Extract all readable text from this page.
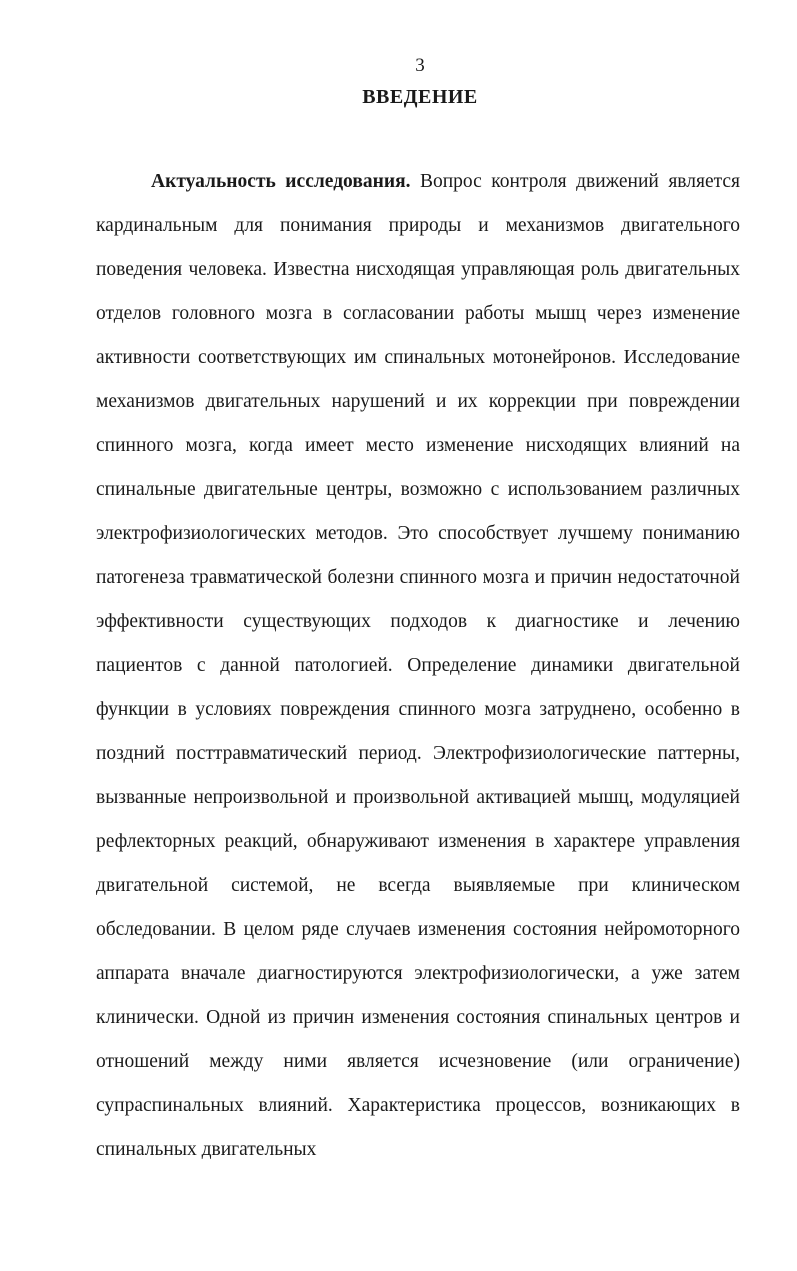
3
ВВЕДЕНИЕ

Актуальность исследования. Вопрос контроля движений является кардинальным для понимания природы и механизмов двигательного поведения человека. Известна нисходящая управляющая роль двигательных отделов головного мозга в согласовании работы мышц через изменение активности соответствующих им спинальных мотонейронов. Исследование механизмов двигательных нарушений и их коррекции при повреждении спинного мозга, когда имеет место изменение нисходящих влияний на спинальные двигательные центры, возможно с использованием различных электрофизиологических методов. Это способствует лучшему пониманию патогенеза травматической болезни спинного мозга и причин недостаточной эффективности существующих подходов к диагностике и лечению пациентов с данной патологией. Определение динамики двигательной функции в условиях повреждения спинного мозга затруднено, особенно в поздний посттравматический период. Электрофизиологические паттерны, вызванные непроизвольной и произвольной активацией мышц, модуляцией рефлекторных реакций, обнаруживают изменения в характере управления двигательной системой, не всегда выявляемые при клиническом обследовании. В целом ряде случаев изменения состояния нейромоторного аппарата вначале диагностируются электрофизиологически, а уже затем клинически. Одной из причин изменения состояния спинальных центров и отношений между ними является исчезновение (или ограничение) супраспинальных влияний. Характеристика процессов, возникающих в спинальных двигательных
